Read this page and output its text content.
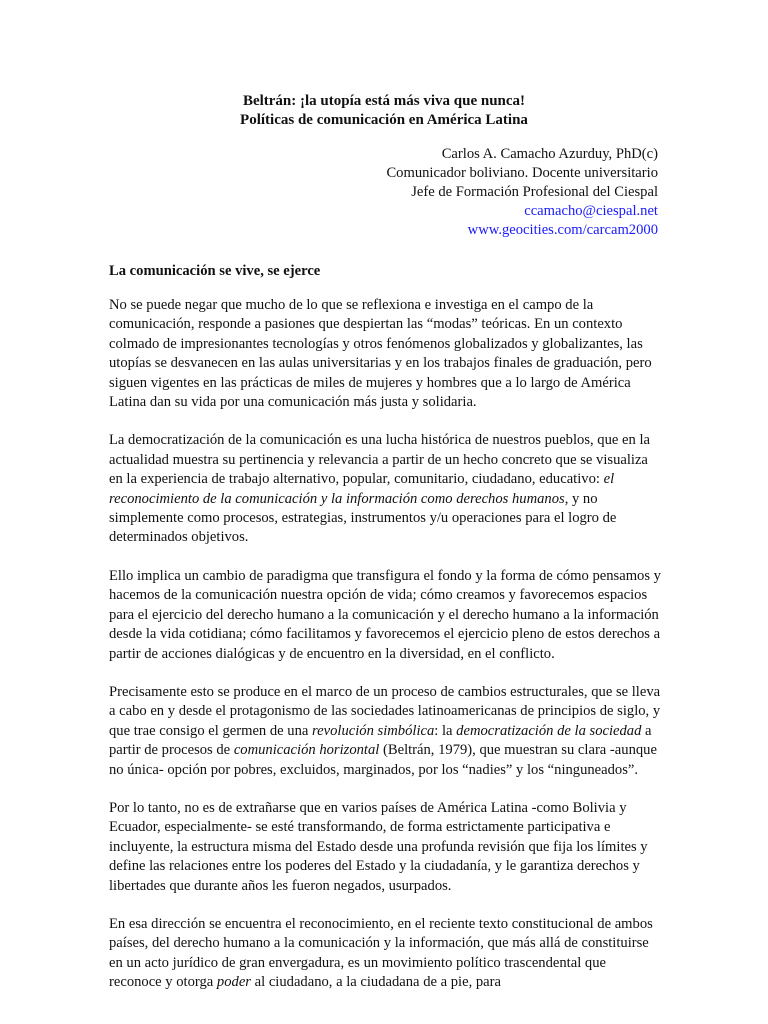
Beltrán: ¡la utopía está más viva que nunca!
Políticas de comunicación en América Latina
Carlos A. Camacho Azurduy, PhD(c)
Comunicador boliviano. Docente universitario
Jefe de Formación Profesional del Ciespal
ccamacho@ciespal.net
www.geocities.com/carcam2000
La comunicación se vive, se ejerce

No se puede negar que mucho de lo que se reflexiona e investiga en el campo de la comunicación, responde a pasiones que despiertan las “modas” teóricas. En un contexto colmado de impresionantes tecnologías y otros fenómenos globalizados y globalizantes, las utopías se desvanecen en las aulas universitarias y en los trabajos finales de graduación, pero siguen vigentes en las prácticas de miles de mujeres y hombres que a lo largo de América Latina dan su vida por una comunicación más justa y solidaria.

La democratización de la comunicación es una lucha histórica de nuestros pueblos, que en la actualidad muestra su pertinencia y relevancia a partir de un hecho concreto que se visualiza en la experiencia de trabajo alternativo, popular, comunitario, ciudadano, educativo: el reconocimiento de la comunicación y la información como derechos humanos, y no simplemente como procesos, estrategias, instrumentos y/u operaciones para el logro de determinados objetivos.

Ello implica un cambio de paradigma que transfigura el fondo y la forma de cómo pensamos y hacemos de la comunicación nuestra opción de vida; cómo creamos y favorecemos espacios para el ejercicio del derecho humano a la comunicación y el derecho humano a la información desde la vida cotidiana; cómo facilitamos y favorecemos el ejercicio pleno de estos derechos a partir de acciones dialógicas y de encuentro en la diversidad, en el conflicto.

Precisamente esto se produce en el marco de un proceso de cambios estructurales, que se lleva a cabo en y desde el protagonismo de las sociedades latinoamericanas de principios de siglo, y que trae consigo el germen de una revolución simbólica: la democratización de la sociedad a partir de procesos de comunicación horizontal (Beltrán, 1979), que muestran su clara -aunque no única- opción por pobres, excluidos, marginados, por los “nadies” y los “ninguneados”.

Por lo tanto, no es de extrañarse que en varios países de América Latina -como Bolivia y Ecuador, especialmente- se esté transformando, de forma estrictamente participativa e incluyente, la estructura misma del Estado desde una profunda revisión que fija los límites y define las relaciones entre los poderes del Estado y la ciudadanía, y le garantiza derechos y libertades que durante años les fueron negados, usurpados.

En esa dirección se encuentra el reconocimiento, en el reciente texto constitucional de ambos países, del derecho humano a la comunicación y la información, que más allá de constituirse en un acto jurídico de gran envergadura, es un movimiento político trascendental que reconoce y otorga poder al ciudadano, a la ciudadana de a pie, para
